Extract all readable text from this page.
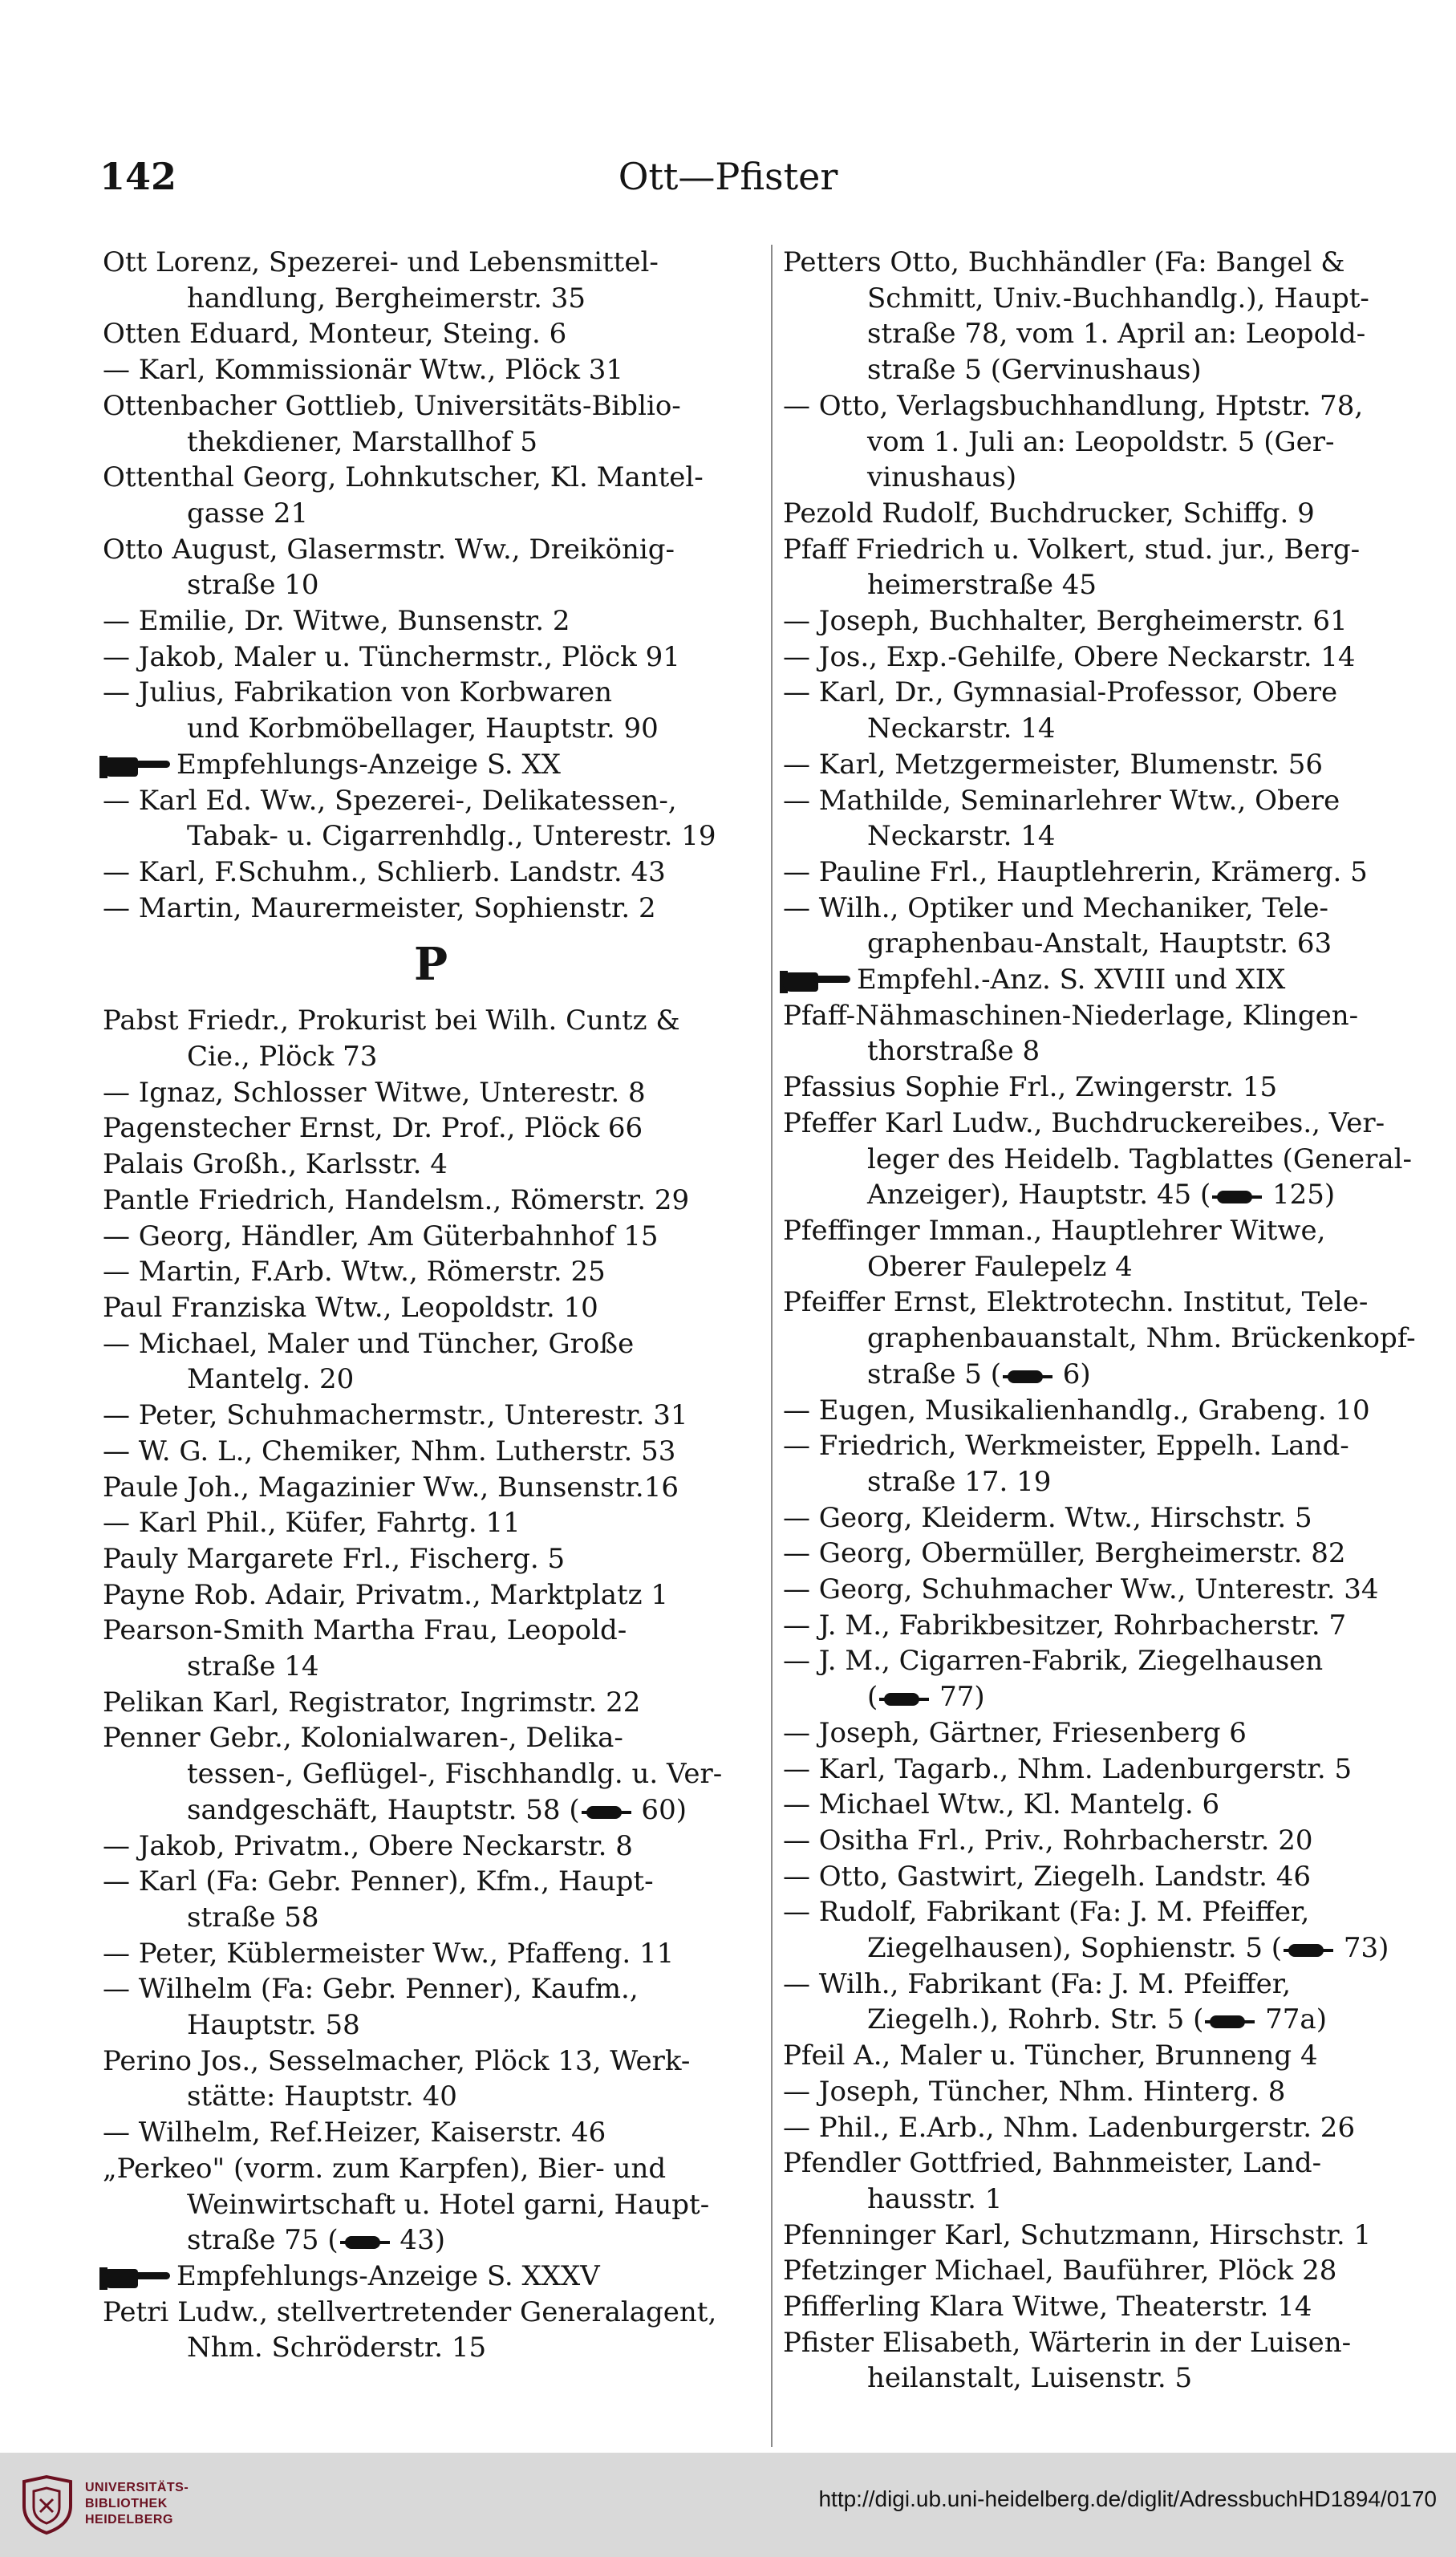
142	Ott—Pfister
Ott Lorenz, Spezerei- und Lebensmittel-
handlung, Bergheimerstr. 35
Otten Eduard, Monteur, Steing. 6
— Karl, Kommissionär Wtw., Plöck 31
Ottenbacher Gottlieb, Universitäts-Biblio-
thekdiener, Marstallhof 5
Ottenthal Georg, Lohnkutscher, Kl. Mantel-
gasse 21
Otto August, Glasermstr. Ww., Dreikönig-
straße 10
— Emilie, Dr. Witwe, Bunsenstr. 2
— Jakob, Maler u. Tünchermstr., Plöck 91
— Julius, Fabrikation von Korbwaren
und Korbmöbellager, Hauptstr. 90
Empfehlungs-Anzeige S. XX
— Karl Ed. Ww., Spezerei-, Delikatessen-,
Tabak- u. Cigarrenhdlg., Unterestr. 19
— Karl, F.Schuhm., Schlierb. Landstr. 43
— Martin, Maurermeister, Sophienstr. 2
P
Pabst Friedr., Prokurist bei Wilh. Cuntz &
Cie., Plöck 73
— Ignaz, Schlosser Witwe, Unterestr. 8
Pagenstecher Ernst, Dr. Prof., Plöck 66
Palais Großh., Karlsstr. 4
Pantle Friedrich, Handelsm., Römerstr. 29
— Georg, Händler, Am Güterbahnhof 15
— Martin, F.Arb. Wtw., Römerstr. 25
Paul Franziska Wtw., Leopoldstr. 10
— Michael, Maler und Tüncher, Große
Mantelg. 20
— Peter, Schuhmachermstr., Unterestr. 31
— W. G. L., Chemiker, Nhm. Lutherstr. 53
Paule Joh., Magazinier Ww., Bunsenstr.16
— Karl Phil., Küfer, Fahrtg. 11
Pauly Margarete Frl., Fischerg. 5
Payne Rob. Adair, Privatm., Marktplatz 1
Pearson-Smith Martha Frau, Leopold-
straße 14
Pelikan Karl, Registrator, Ingrimstr. 22
Penner Gebr., Kolonialwaren-, Delika-
tessen-, Geflügel-, Fischhandlg. u. Ver-
sandgeschäft, Hauptstr. 58 (
60)
— Jakob, Privatm., Obere Neckarstr. 8
— Karl (Fa: Gebr. Penner), Kfm., Haupt-
straße 58
— Peter, Küblermeister Ww., Pfaffeng. 11
— Wilhelm (Fa: Gebr. Penner), Kaufm.,
Hauptstr. 58
Perino Jos., Sesselmacher, Plöck 13, Werk-
stätte: Hauptstr. 40
— Wilhelm, Ref.Heizer, Kaiserstr. 46
„Perkeo" (vorm. zum Karpfen), Bier- und
Weinwirtschaft u. Hotel garni, Haupt-
straße 75 (
43)
Empfehlungs-Anzeige S. XXXV
Petri Ludw., stellvertretender Generalagent,
Nhm. Schröderstr. 15
Petters Otto, Buchhändler (Fa: Bangel &
Schmitt, Univ.-Buchhandlg.), Haupt-
straße 78, vom 1. April an: Leopold-
straße 5 (Gervinushaus)
— Otto, Verlagsbuchhandlung, Hptstr. 78,
vom 1. Juli an: Leopoldstr. 5 (Ger-
vinushaus)
Pezold Rudolf, Buchdrucker, Schiffg. 9
Pfaff Friedrich u. Volkert, stud. jur., Berg-
heimerstraße 45
— Joseph, Buchhalter, Bergheimerstr. 61
— Jos., Exp.-Gehilfe, Obere Neckarstr. 14
— Karl, Dr., Gymnasial-Professor, Obere
Neckarstr. 14
— Karl, Metzgermeister, Blumenstr. 56
— Mathilde, Seminarlehrer Wtw., Obere
Neckarstr. 14
— Pauline Frl., Hauptlehrerin, Krämerg. 5
— Wilh., Optiker und Mechaniker, Tele-
graphenbau-Anstalt, Hauptstr. 63
Empfehl.-Anz. S. XVIII und XIX
Pfaff-Nähmaschinen-Niederlage, Klingen-
thorstraße 8
Pfassius Sophie Frl., Zwingerstr. 15
Pfeffer Karl Ludw., Buchdruckereibes., Ver-
leger des Heidelb. Tagblattes (General-
Anzeiger), Hauptstr. 45 (
125)
Pfeffinger Imman., Hauptlehrer Witwe,
Oberer Faulepelz 4
Pfeiffer Ernst, Elektrotechn. Institut, Tele-
graphenbauanstalt, Nhm. Brückenkopf-
straße 5 (
6)
— Eugen, Musikalienhandlg., Grabeng. 10
— Friedrich, Werkmeister, Eppelh. Land-
straße 17. 19
— Georg, Kleiderm. Wtw., Hirschstr. 5
— Georg, Obermüller, Bergheimerstr. 82
— Georg, Schuhmacher Ww., Unterestr. 34
— J. M., Fabrikbesitzer, Rohrbacherstr. 7
— J. M., Cigarren-Fabrik, Ziegelhausen
(
77)
— Joseph, Gärtner, Friesenberg 6
— Karl, Tagarb., Nhm. Ladenburgerstr. 5
— Michael Wtw., Kl. Mantelg. 6
— Ositha Frl., Priv., Rohrbacherstr. 20
— Otto, Gastwirt, Ziegelh. Landstr. 46
— Rudolf, Fabrikant (Fa: J. M. Pfeiffer,
Ziegelhausen), Sophienstr. 5 (
73)
— Wilh., Fabrikant (Fa: J. M. Pfeiffer,
Ziegelh.), Rohrb. Str. 5 (
77a)
Pfeil A., Maler u. Tüncher, Brunneng 4
— Joseph, Tüncher, Nhm. Hinterg. 8
— Phil., E.Arb., Nhm. Ladenburgerstr. 26
Pfendler Gottfried, Bahnmeister, Land-
hausstr. 1
Pfenninger Karl, Schutzmann, Hirschstr. 1
Pfetzinger Michael, Bauführer, Plöck 28
Pfifferling Klara Witwe, Theaterstr. 14
Pfister Elisabeth, Wärterin in der Luisen-
heilanstalt, Luisenstr. 5
UNIVERSITÄTS-
BIBLIOTHEK
HEIDELBERG
http://digi.ub.uni-heidelberg.de/diglit/AdressbuchHD1894/0170
